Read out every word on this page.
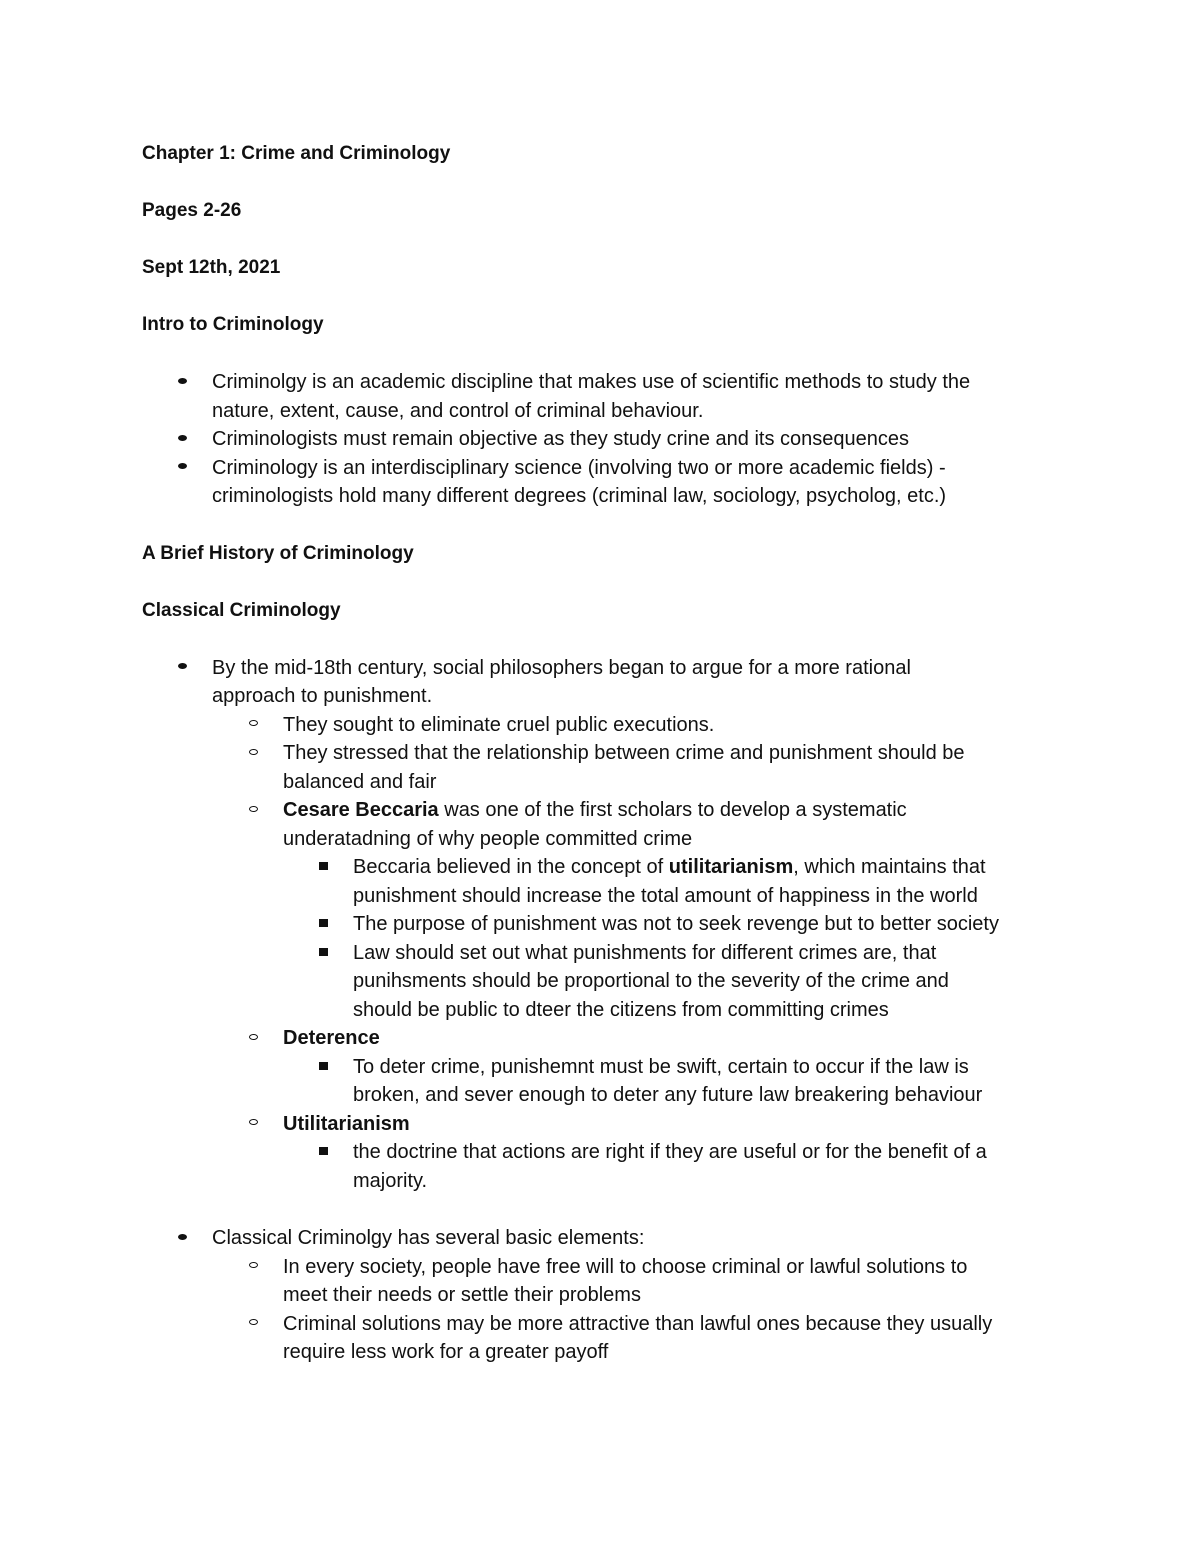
Chapter 1: Crime and Criminology

Pages 2-26

Sept 12th, 2021

Intro to Criminology

Criminolgy is an academic discipline that makes use of scientific methods to study the
nature, extent, cause, and control of criminal behaviour.
Criminologists must remain objective as they study crine and its consequences
Criminology is an interdisciplinary science (involving two or more academic fields) -
criminologists hold many different degrees (criminal law, sociology, psycholog, etc.)

A Brief History of Criminology

Classical Criminology

By the mid-18th century, social philosophers began to argue for a more rational
approach to punishment.
They sought to eliminate cruel public executions.
They stressed that the relationship between crime and punishment should be
balanced and fair
Cesare Beccaria was one of the first scholars to develop a systematic
underatadning of why people committed crime
Beccaria believed in the concept of utilitarianism, which maintains that
punishment should increase the total amount of happiness in the world
The purpose of punishment was not to seek revenge but to better society
Law should set out what punishments for different crimes are, that
punihsments should be proportional to the severity of the crime and
should be public to dteer the citizens from committing crimes
Deterence
To deter crime, punishemnt must be swift, certain to occur if the law is
broken, and sever enough to deter any future law breakering behaviour
Utilitarianism
the doctrine that actions are right if they are useful or for the benefit of a
majority.
Classical Criminolgy has several basic elements:
In every society, people have free will to choose criminal or lawful solutions to
meet their needs or settle their problems
Criminal solutions may be more attractive than lawful ones because they usually
require less work for a greater payoff
